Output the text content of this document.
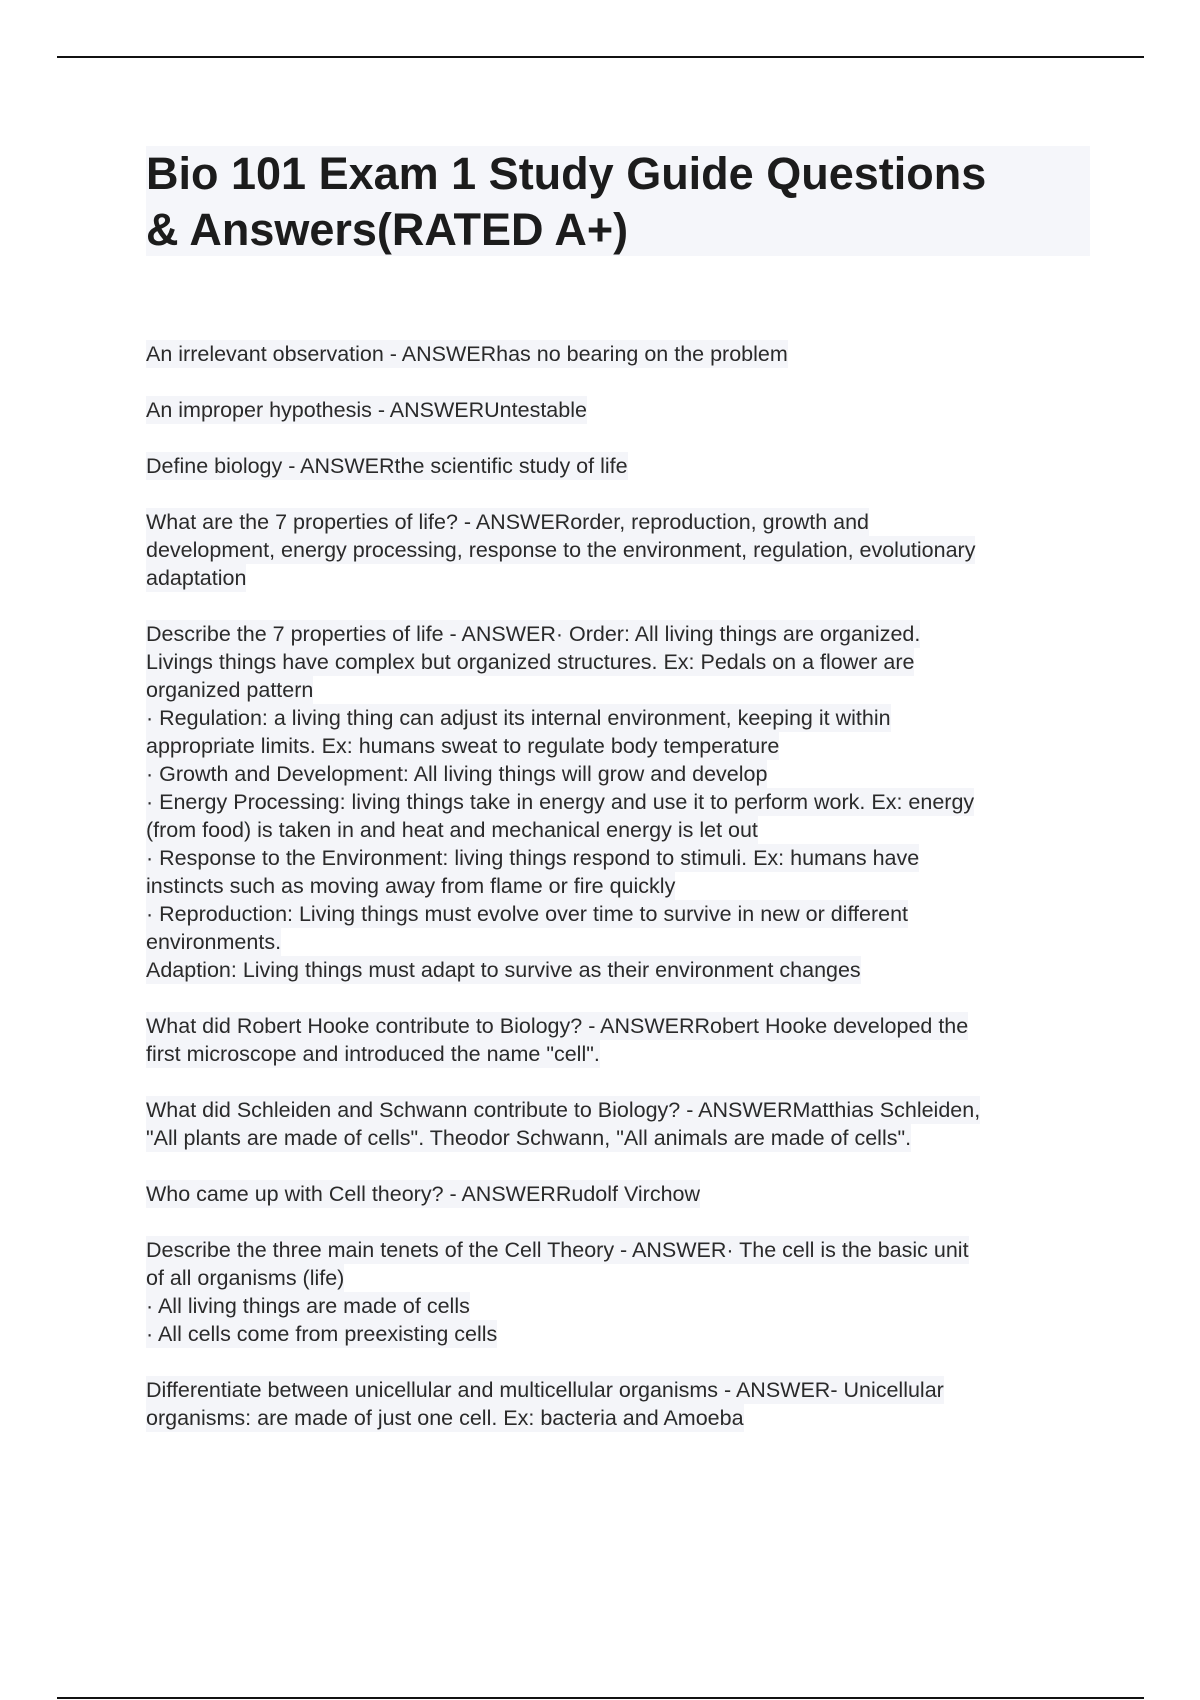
Bio 101 Exam 1 Study Guide Questions
& Answers(RATED A+)

An irrelevant observation - ANSWERhas no bearing on the problem

An improper hypothesis - ANSWERUntestable

Define biology - ANSWERthe scientific study of life

What are the 7 properties of life? - ANSWERorder, reproduction, growth and
development, energy processing, response to the environment, regulation, evolutionary
adaptation

Describe the 7 properties of life - ANSWER· Order: All living things are organized.
Livings things have complex but organized structures. Ex: Pedals on a flower are
organized pattern
· Regulation: a living thing can adjust its internal environment, keeping it within
appropriate limits. Ex: humans sweat to regulate body temperature
· Growth and Development: All living things will grow and develop
· Energy Processing: living things take in energy and use it to perform work. Ex: energy
(from food) is taken in and heat and mechanical energy is let out
· Response to the Environment: living things respond to stimuli. Ex: humans have
instincts such as moving away from flame or fire quickly
· Reproduction: Living things must evolve over time to survive in new or different
environments.
Adaption: Living things must adapt to survive as their environment changes

What did Robert Hooke contribute to Biology? - ANSWERRobert Hooke developed the
first microscope and introduced the name "cell".

What did Schleiden and Schwann contribute to Biology? - ANSWERMatthias Schleiden,
"All plants are made of cells". Theodor Schwann, "All animals are made of cells".

Who came up with Cell theory? - ANSWERRudolf Virchow

Describe the three main tenets of the Cell Theory - ANSWER· The cell is the basic unit
of all organisms (life)
· All living things are made of cells
· All cells come from preexisting cells

Differentiate between unicellular and multicellular organisms - ANSWER- Unicellular
organisms: are made of just one cell. Ex: bacteria and Amoeba
